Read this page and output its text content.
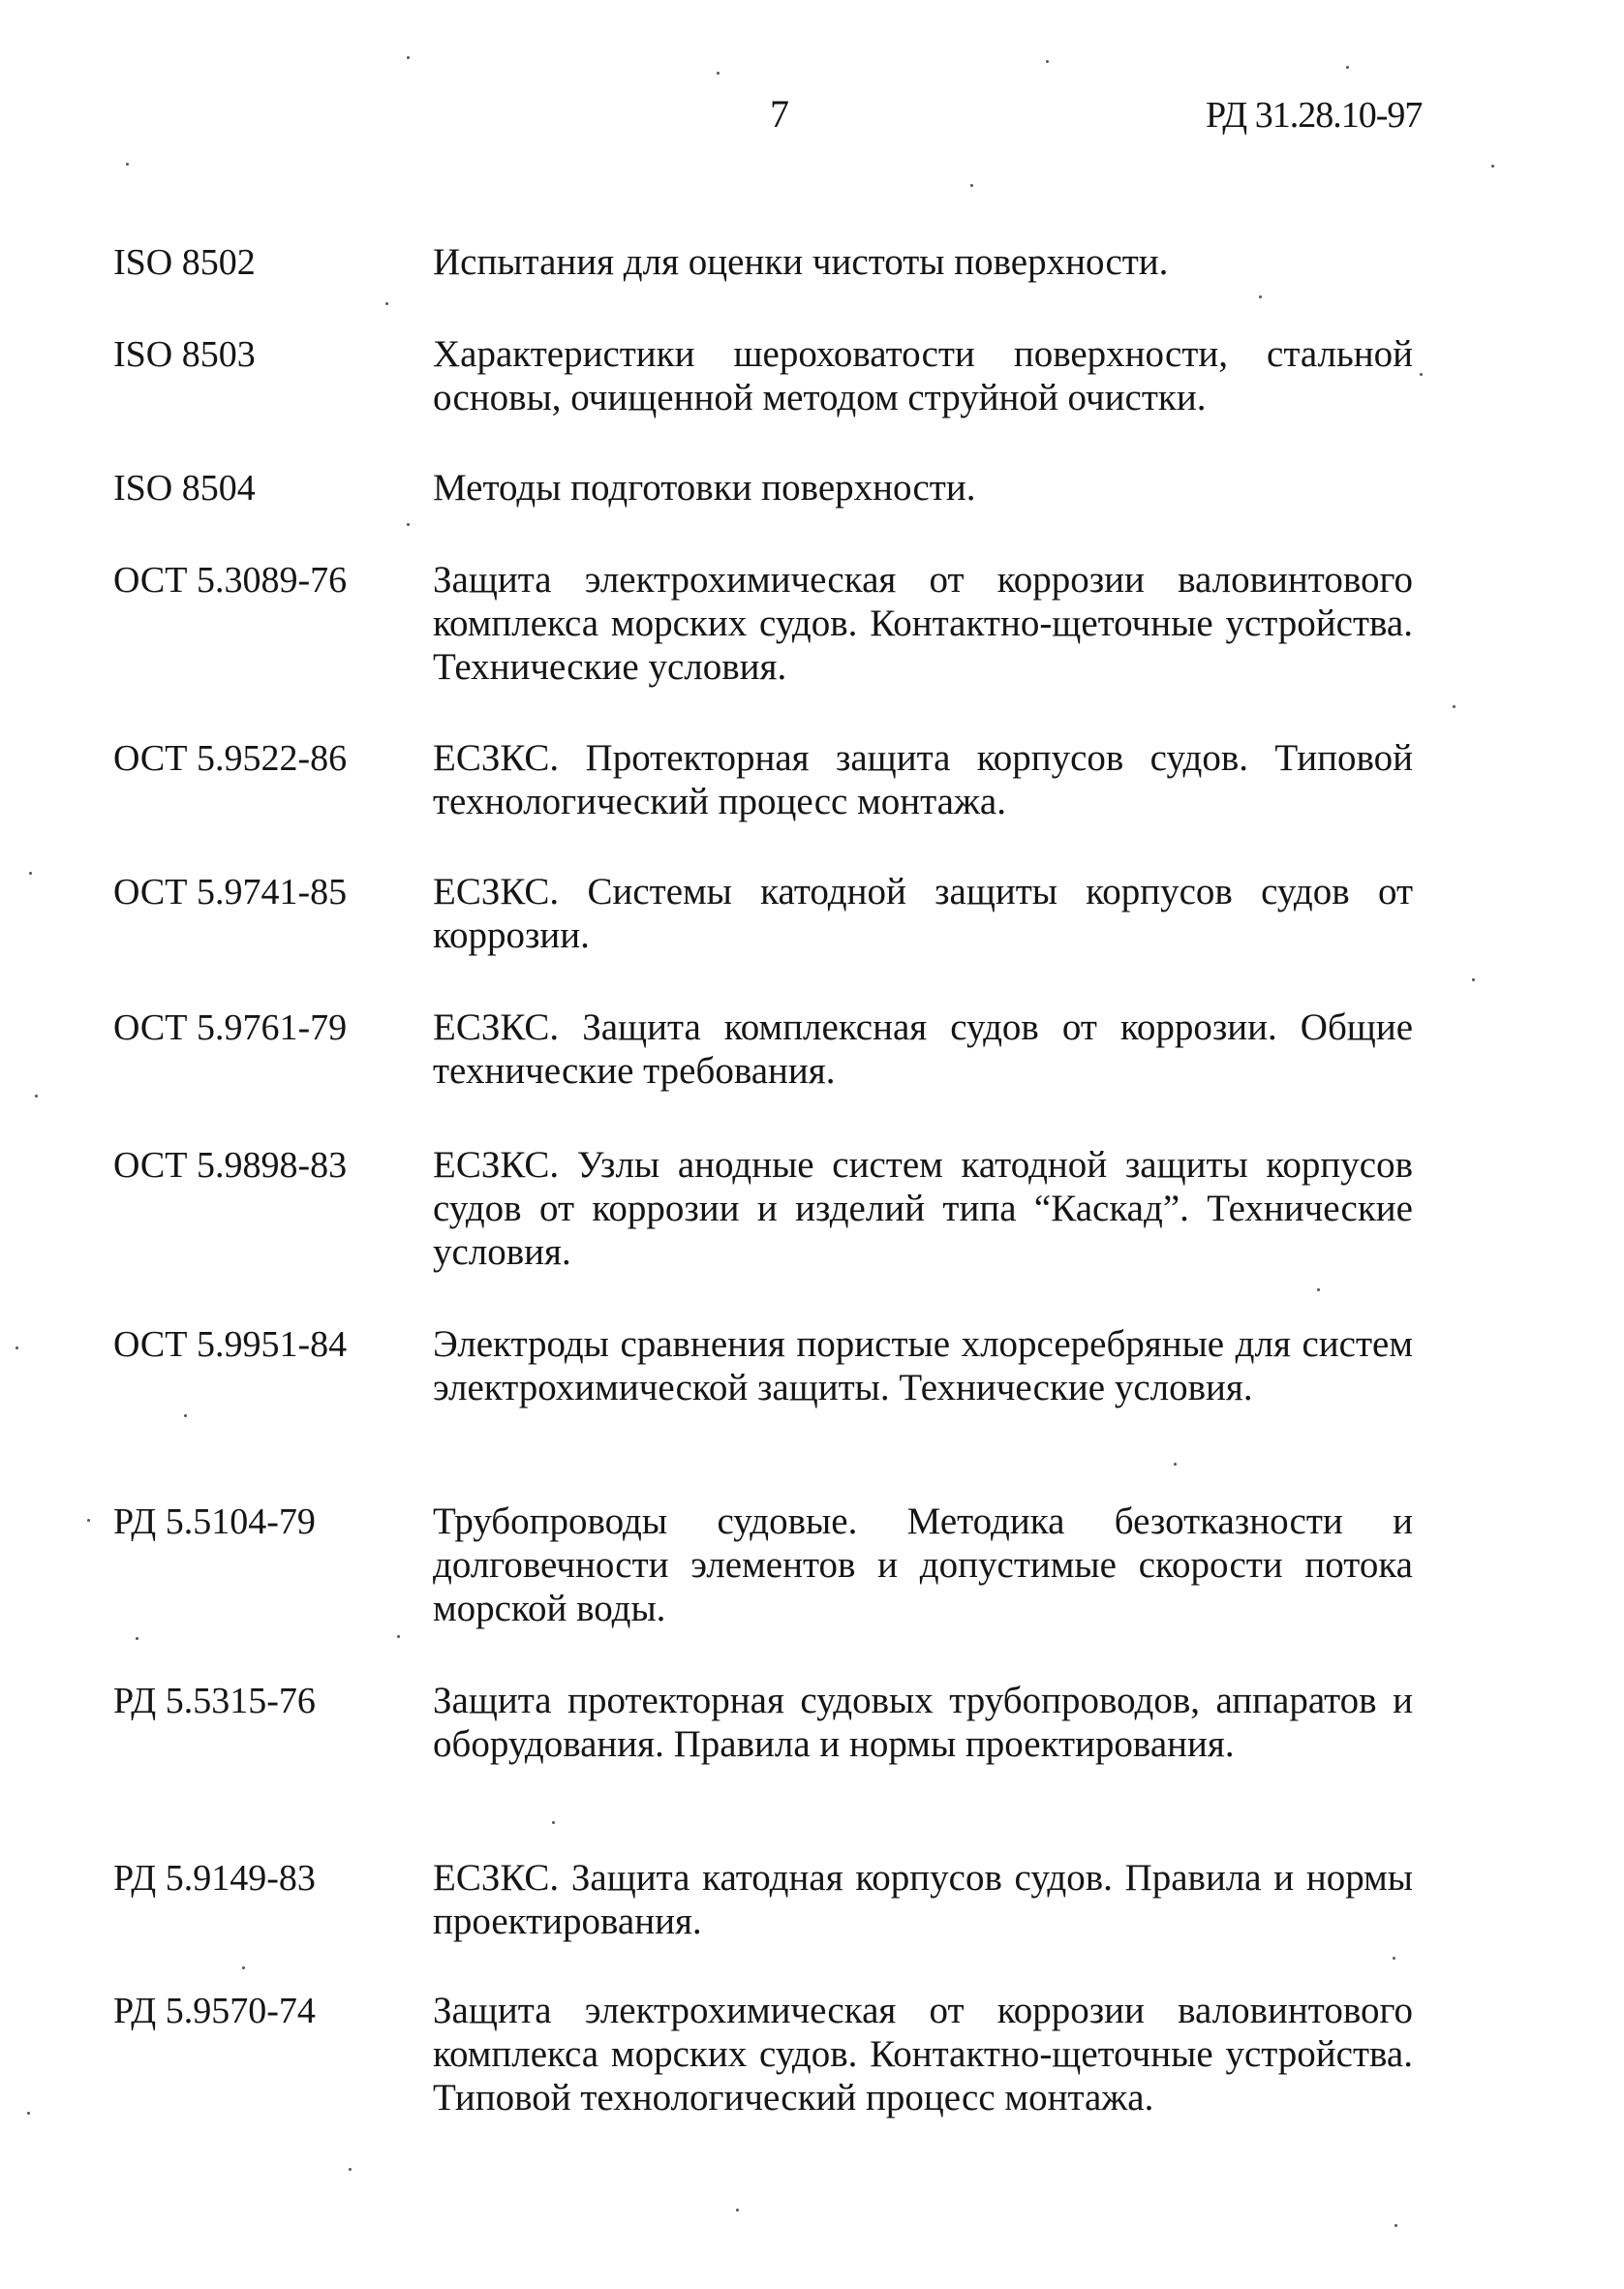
7	РД 31.28.10-97
ISO 8502	Испытания для оценки чистоты поверхности.
ISO 8503	Характеристики шероховатости поверхности, стальной основы, очищенной методом струйной очистки.
ISO 8504	Методы подготовки поверхности.
ОСТ 5.3089-76	Защита электрохимическая от коррозии валовинтового комплекса морских судов. Контактно-щеточные устройства. Технические условия.
ОСТ 5.9522-86	ЕСЗКС. Протекторная защита корпусов судов. Типовой технологический процесс монтажа.
ОСТ 5.9741-85	ЕСЗКС. Системы катодной защиты корпусов судов от коррозии.
ОСТ 5.9761-79	ЕСЗКС. Защита комплексная судов от коррозии. Общие технические требования.
ОСТ 5.9898-83	ЕСЗКС. Узлы анодные систем катодной защиты корпусов судов от коррозии и изделий типа “Каскад”. Технические условия.
ОСТ 5.9951-84	Электроды сравнения пористые хлорсеребряные для систем электрохимической защиты. Технические условия.
РД 5.5104-79	Трубопроводы судовые. Методика безотказности и долговечности элементов и допустимые скорости потока морской воды.
РД 5.5315-76	Защита протекторная судовых трубопроводов, аппаратов и оборудования. Правила и нормы проектирования.
РД 5.9149-83	ЕСЗКС. Защита катодная корпусов судов. Правила и нормы проектирования.
РД 5.9570-74	Защита электрохимическая от коррозии валовинтового комплекса морских судов. Контактно-щеточные устройства. Типовой технологический процесс монтажа.
